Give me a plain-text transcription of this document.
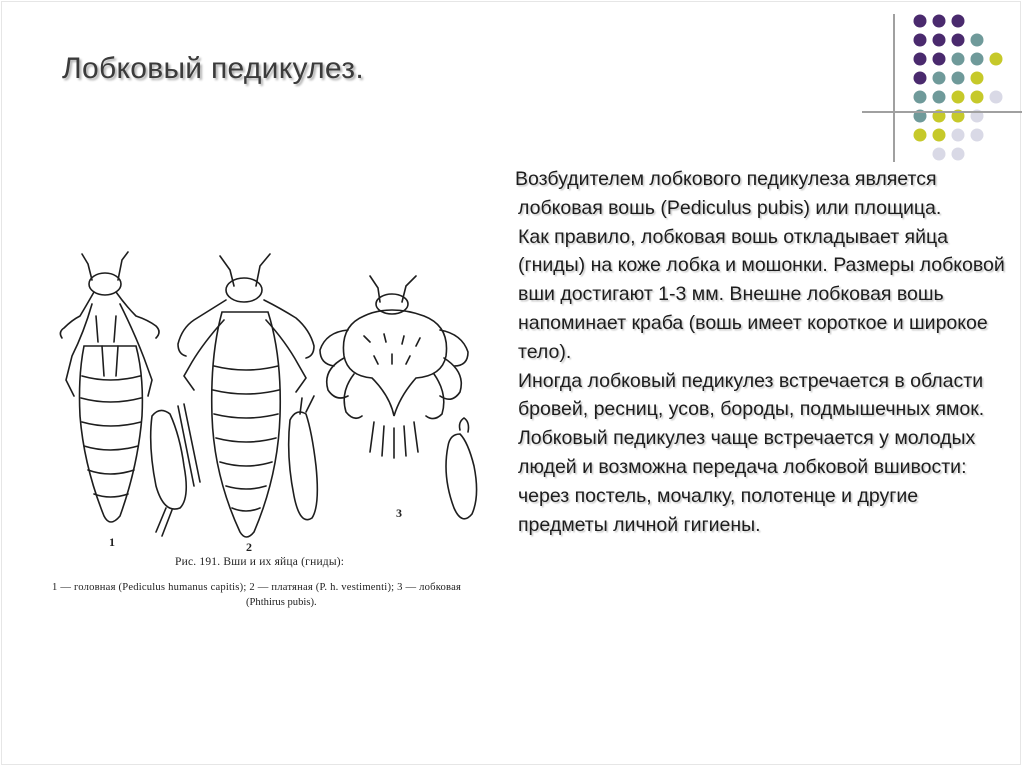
Лобковый педикулез.
1	2
3
Рис. 191. Вши и их яйца (гниды):
1 — головная (Pediculus humanus capitis); 2 — платяная (P. h. vestimenti); 3 — лобковая
(Phthirus pubis).

Возбудителем лобкового педикулеза является лобковая вошь (Pediculus pubis) или площица.

Как правило, лобковая вошь откладывает яйца (гниды) на коже лобка и мошонки. Размеры лобковой вши достигают 1-3 мм. Внешне лобковая вошь напоминает краба (вошь имеет короткое и широкое тело).

Иногда лобковый педикулез встречается в области бровей, ресниц, усов, бороды, подмышечных ямок. Лобковый педикулез чаще встречается у молодых людей и возможна передача лобковой вшивости: через постель, мочалку, полотенце и другие предметы личной гигиены.
